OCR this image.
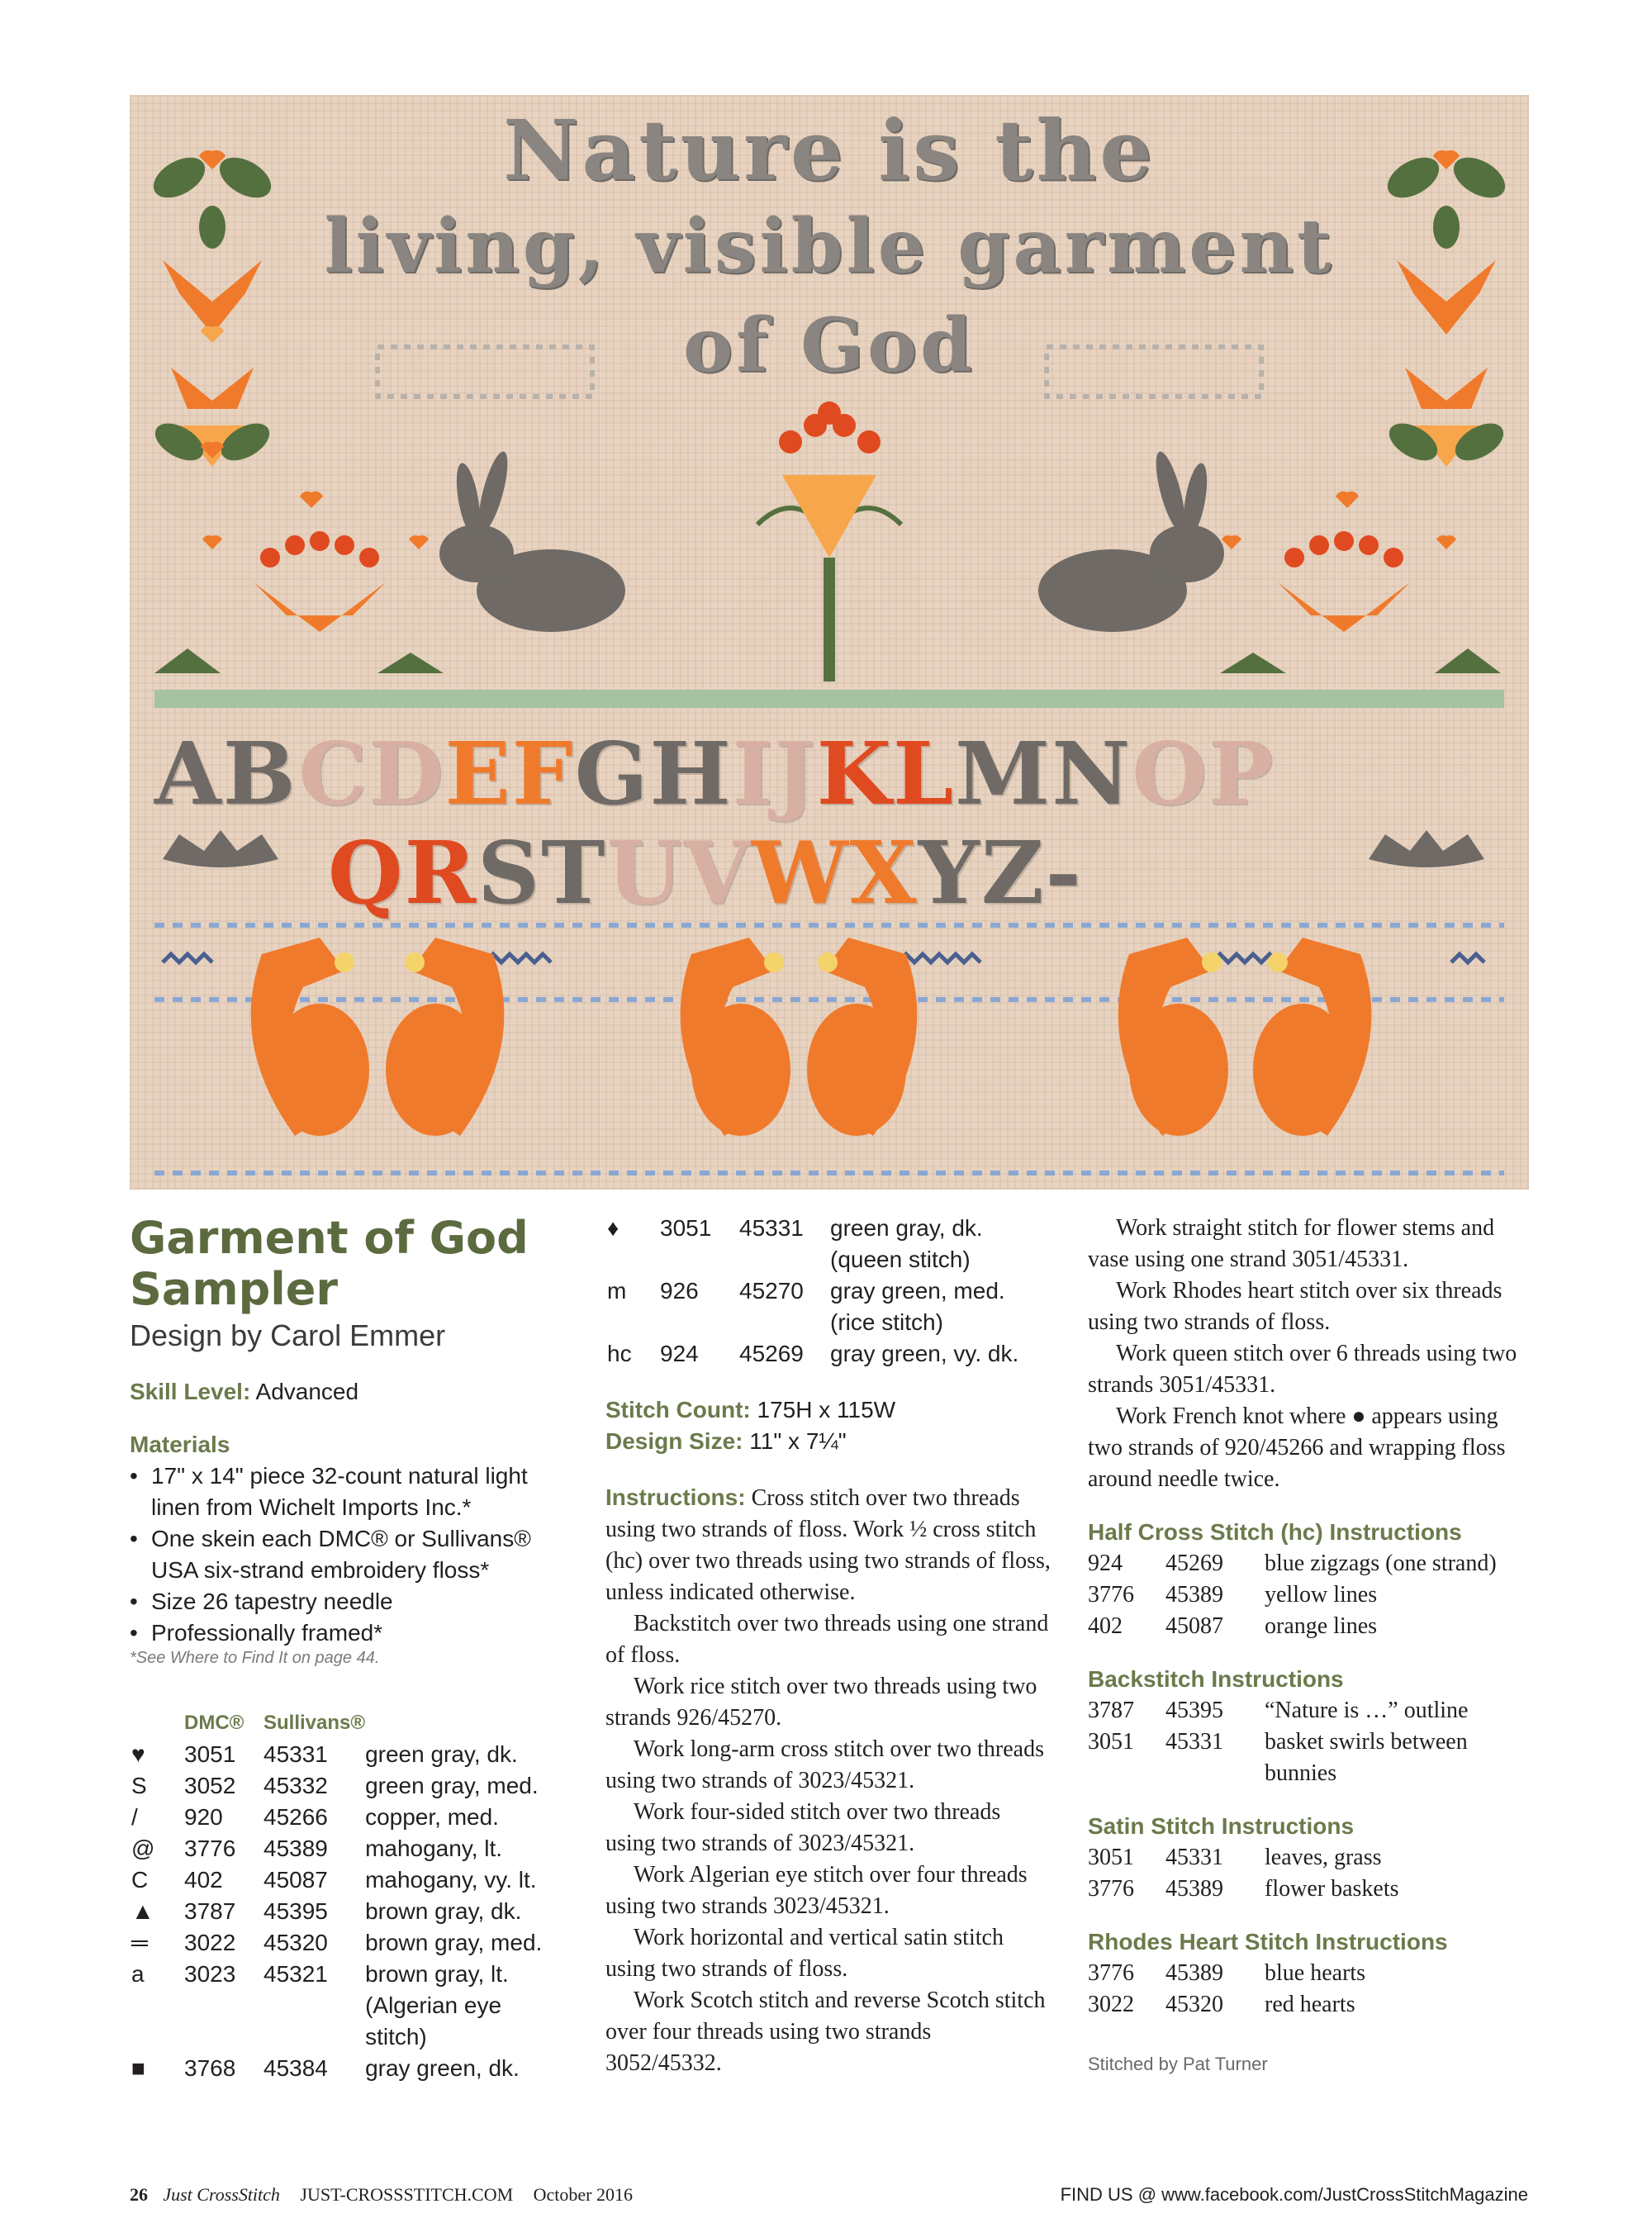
Nature is the
living, visible garment
of God
ABCDEFGHIJKLMNOP
QRSTUVWXYZ-
Garment of God
Sampler
Design by Carol Emmer
Skill Level: Advanced
Materials
• 17" x 14" piece 32-count natural light linen from Wichelt Imports Inc.*
• One skein each DMC® or Sullivans® USA six-strand embroidery floss*
• Size 26 tapestry needle
• Professionally framed*
*See Where to Find It on page 44.
	DMC®	Sullivans®	
♥	3051	45331	green gray, dk.
S	3052	45332	green gray, med.
/	920	45266	copper, med.
@	3776	45389	mahogany, lt.
C	402	45087	mahogany, vy. lt.
▲	3787	45395	brown gray, dk.
═	3022	45320	brown gray, med.
a	3023	45321	brown gray, lt.
(Algerian eye stitch)
■	3768	45384	gray green, dk.
♦	3051	45331	green gray, dk.
(queen stitch)
m	926	45270	gray green, med.
(rice stitch)
hc	924	45269	gray green, vy. dk.
Stitch Count: 175H x 115W
Design Size: 11" x 7¼"

Instructions: Cross stitch over two threads using two strands of floss. Work ½ cross stitch (hc) over two threads using two strands of floss, unless indicated otherwise.

Backstitch over two threads using one strand of floss.

Work rice stitch over two threads using two strands 926/45270.

Work long-arm cross stitch over two threads using two strands of 3023/45321.

Work four-sided stitch over two threads using two strands of 3023/45321.

Work Algerian eye stitch over four threads using two strands 3023/45321.

Work horizontal and vertical satin stitch using two strands of floss.

Work Scotch stitch and reverse Scotch stitch over four threads using two strands 3052/45332.

Work straight stitch for flower stems and vase using one strand 3051/45331.

Work Rhodes heart stitch over six threads using two strands of floss.

Work queen stitch over 6 threads using two strands 3051/45331.

Work French knot where ● appears using two strands of 920/45266 and wrapping floss around needle twice.

Half Cross Stitch (hc) Instructions
924	45269	blue zigzags (one strand)
3776	45389	yellow lines
402	45087	orange lines
Backstitch Instructions
3787	45395	“Nature is …” outline
3051	45331	basket swirls between bunnies
Satin Stitch Instructions
3051	45331	leaves, grass
3776	45389	flower baskets
Rhodes Heart Stitch Instructions
3776	45389	blue hearts
3022	45320	red hearts
Stitched by Pat Turner
26 Just CrossStitch JUST-CROSSSTITCH.COM October 2016	FIND US @ www.facebook.com/JustCrossStitchMagazine
